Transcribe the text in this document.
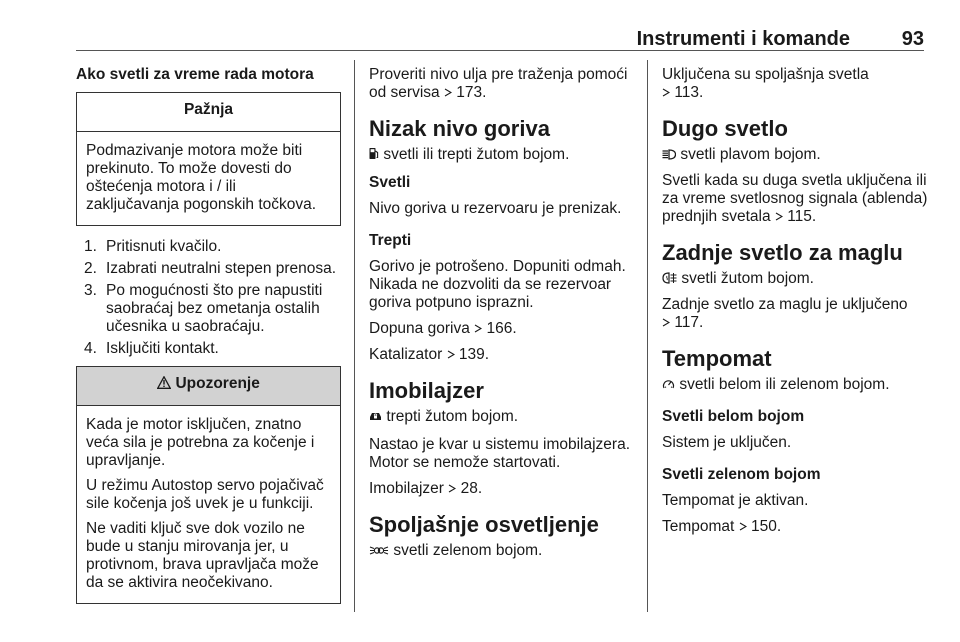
Instrumenti i komande	93
Ako svetli za vreme rada motora
Pažnja

Podmazivanje motora može biti prekinuto. To može dovesti do oštećenja motora i / ili zaključavanja pogonskih točkova.

1. Pritisnuti kvačilo.
2. Izabrati neutralni stepen prenosa.
3. Po mogućnosti što pre napustiti saobraćaj bez ometanja ostalih učesnika u saobraćaju.
4. Isključiti kontakt.
Upozorenje

Kada je motor isključen, znatno veća sila je potrebna za kočenje i upravljanje.

U režimu Autostop servo pojačivač sile kočenja još uvek je u funkciji.

Ne vaditi ključ sve dok vozilo ne bude u stanju mirovanja jer, u protivnom, brava upravljača može da se aktivira neočekivano.

Proveriti nivo ulja pre traženja pomoći od servisa 173.

Nizak nivo goriva

svetli ili trepti žutom bojom.

Svetli

Nivo goriva u rezervoaru je prenizak.

Trepti

Gorivo je potrošeno. Dopuniti odmah. Nikada ne dozvoliti da se rezervoar goriva potpuno isprazni.

Dopuna goriva 166.

Katalizator 139.

Imobilajzer

trepti žutom bojom.

Nastao je kvar u sistemu imobilajzera. Motor se nemože startovati.

Imobilajzer 28.

Spoljašnje osvetljenje

svetli zelenom bojom.

Uključena su spoljašnja svetla
113.

Dugo svetlo

svetli plavom bojom.

Svetli kada su duga svetla uključena ili za vreme svetlosnog signala (ablenda) prednjih svetala 115.

Zadnje svetlo za maglu

svetli žutom bojom.

Zadnje svetlo za maglu je uključeno
117.

Tempomat

svetli belom ili zelenom bojom.

Svetli belom bojom

Sistem je uključen.

Svetli zelenom bojom

Tempomat je aktivan.

Tempomat 150.
